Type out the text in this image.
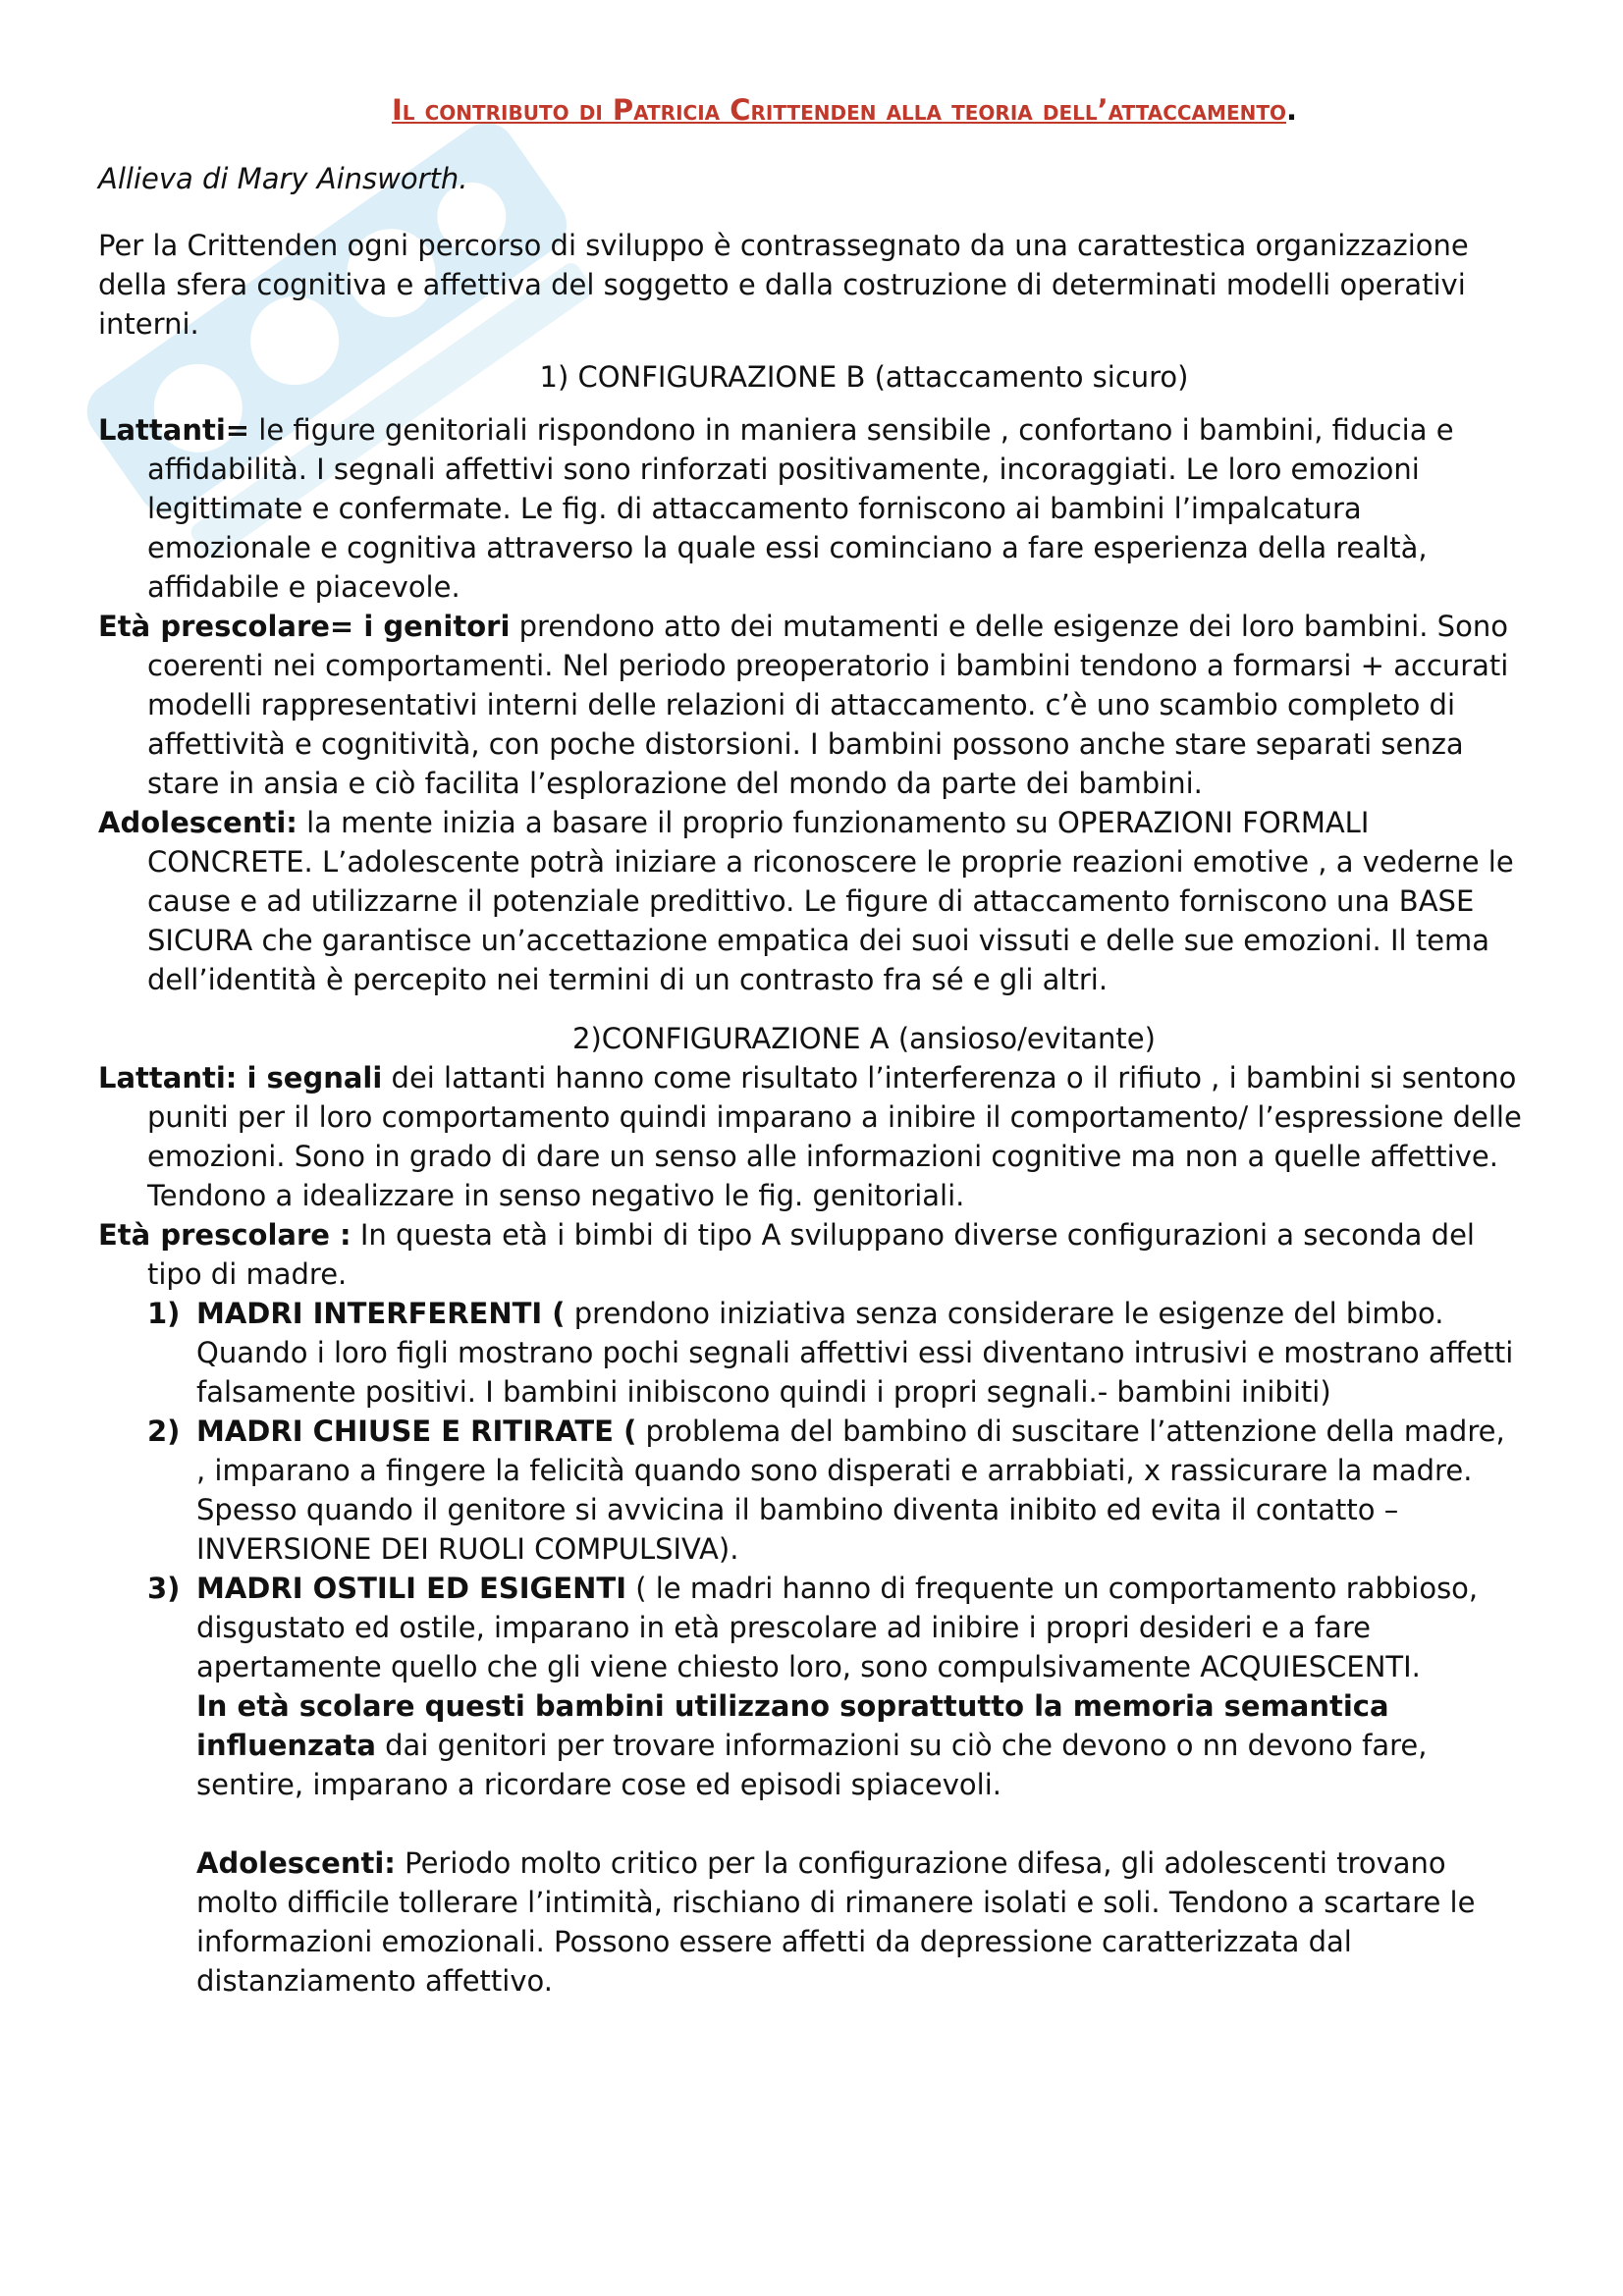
Il contributo di Patricia Crittenden alla teoria dell’attaccamento.

Allieva di Mary Ainsworth.

Per la Crittenden ogni percorso di sviluppo è contrassegnato da una carattestica organizzazione della sfera cognitiva e affettiva del soggetto e dalla costruzione di determinati modelli operativi interni.

1) CONFIGURAZIONE B (attaccamento sicuro)

Lattanti= le figure genitoriali rispondono in maniera sensibile , confortano i bambini, fiducia e affidabilità. I segnali affettivi sono rinforzati positivamente, incoraggiati. Le loro emozioni legittimate e confermate. Le fig. di attaccamento forniscono ai bambini l’impalcatura emozionale e cognitiva attraverso la quale essi cominciano a fare esperienza della realtà, affidabile e piacevole.

Età prescolare= i genitori prendono atto dei mutamenti e delle esigenze dei loro bambini. Sono coerenti nei comportamenti. Nel periodo preoperatorio i bambini tendono a formarsi + accurati modelli rappresentativi interni delle relazioni di attaccamento. c’è uno scambio completo di affettività e cognitività, con poche distorsioni. I bambini possono anche stare separati senza stare in ansia e ciò facilita l’esplorazione del mondo da parte dei bambini.

Adolescenti: la mente inizia a basare il proprio funzionamento su OPERAZIONI FORMALI CONCRETE. L’adolescente potrà iniziare a riconoscere le proprie reazioni emotive , a vederne le cause e ad utilizzarne il potenziale predittivo. Le figure di attaccamento forniscono una BASE SICURA che garantisce un’accettazione empatica dei suoi vissuti e delle sue emozioni. Il tema dell’identità è percepito nei termini di un contrasto fra sé e gli altri.

2)CONFIGURAZIONE A (ansioso/evitante)

Lattanti: i segnali dei lattanti hanno come risultato l’interferenza o il rifiuto , i bambini si sentono puniti per il loro comportamento quindi imparano a inibire il comportamento/ l’espressione delle emozioni. Sono in grado di dare un senso alle informazioni cognitive ma non a quelle affettive. Tendono a idealizzare in senso negativo le fig. genitoriali.

Età prescolare : In questa età i bimbi di tipo A sviluppano diverse configurazioni a seconda del tipo di madre.

1) MADRI INTERFERENTI ( prendono iniziativa senza considerare le esigenze del bimbo. Quando i loro figli mostrano pochi segnali affettivi essi diventano intrusivi e mostrano affetti falsamente positivi. I bambini inibiscono quindi i propri segnali.- bambini inibiti)
2) MADRI CHIUSE E RITIRATE ( problema del bambino di suscitare l’attenzione della madre,
, imparano a fingere la felicità quando sono disperati e arrabbiati, x rassicurare la madre. Spesso quando il genitore si avvicina il bambino diventa inibito ed evita il contatto – INVERSIONE DEI RUOLI COMPULSIVA).
3) MADRI OSTILI ED ESIGENTI ( le madri hanno di frequente un comportamento rabbioso, disgustato ed ostile, imparano in età prescolare ad inibire i propri desideri e a fare apertamente quello che gli viene chiesto loro, sono compulsivamente ACQUIESCENTI.

In età scolare questi bambini utilizzano soprattutto la memoria semantica influenzata dai genitori per trovare informazioni su ciò che devono o nn devono fare, sentire, imparano a ricordare cose ed episodi spiacevoli.

Adolescenti: Periodo molto critico per la configurazione difesa, gli adolescenti trovano molto difficile tollerare l’intimità, rischiano di rimanere isolati e soli. Tendono a scartare le informazioni emozionali. Possono essere affetti da depressione caratterizzata dal distanziamento affettivo.
